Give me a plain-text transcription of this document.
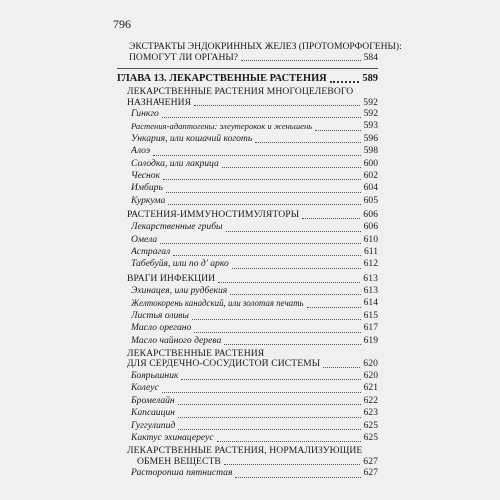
796
ЭКСТРАКТЫ ЭНДОКРИННЫХ ЖЕЛЕЗ (ПРОТОМОРФОГЕНЫ):
ПОМОГУТ ЛИ ОРГАНЫ?	584
ГЛАВА 13. ЛЕКАРСТВЕННЫЕ РАСТЕНИЯ	589
ЛЕКАРСТВЕННЫЕ РАСТЕНИЯ МНОГОЦЕЛЕВОГО
НАЗНАЧЕНИЯ	592
Гинкго	592
Растения-адаптогены: элеутерокок и женьшень	593
Ункария, или кошачий коготь	596
Алоэ	598
Солодка, или лакрица	600
Чеснок	602
Имбирь	604
Куркума	605
РАСТЕНИЯ-ИММУНОСТИМУЛЯТОРЫ	606
Лекарственные грибы	606
Омела	610
Астрагал	611
Табебуйя, или по д' арко	612
ВРАГИ ИНФЕКЦИИ	613
Эхинацея, или рудбекия	613
Желтокорень канадский, или золотая печать	614
Листья оливы	615
Масло орегано	617
Масло чайного дерева	619
ЛЕКАРСТВЕННЫЕ РАСТЕНИЯ
ДЛЯ СЕРДЕЧНО-СОСУДИСТОЙ СИСТЕМЫ	620
Боярышник	620
Колеус	621
Бромелайн	622
Капсаицин	623
Гуггулипид	625
Кактус эхинацереус	625
ЛЕКАРСТВЕННЫЕ РАСТЕНИЯ, НОРМАЛИЗУЮЩИЕ
ОБМЕН ВЕЩЕСТВ	627
Расторопша пятнистая	627
